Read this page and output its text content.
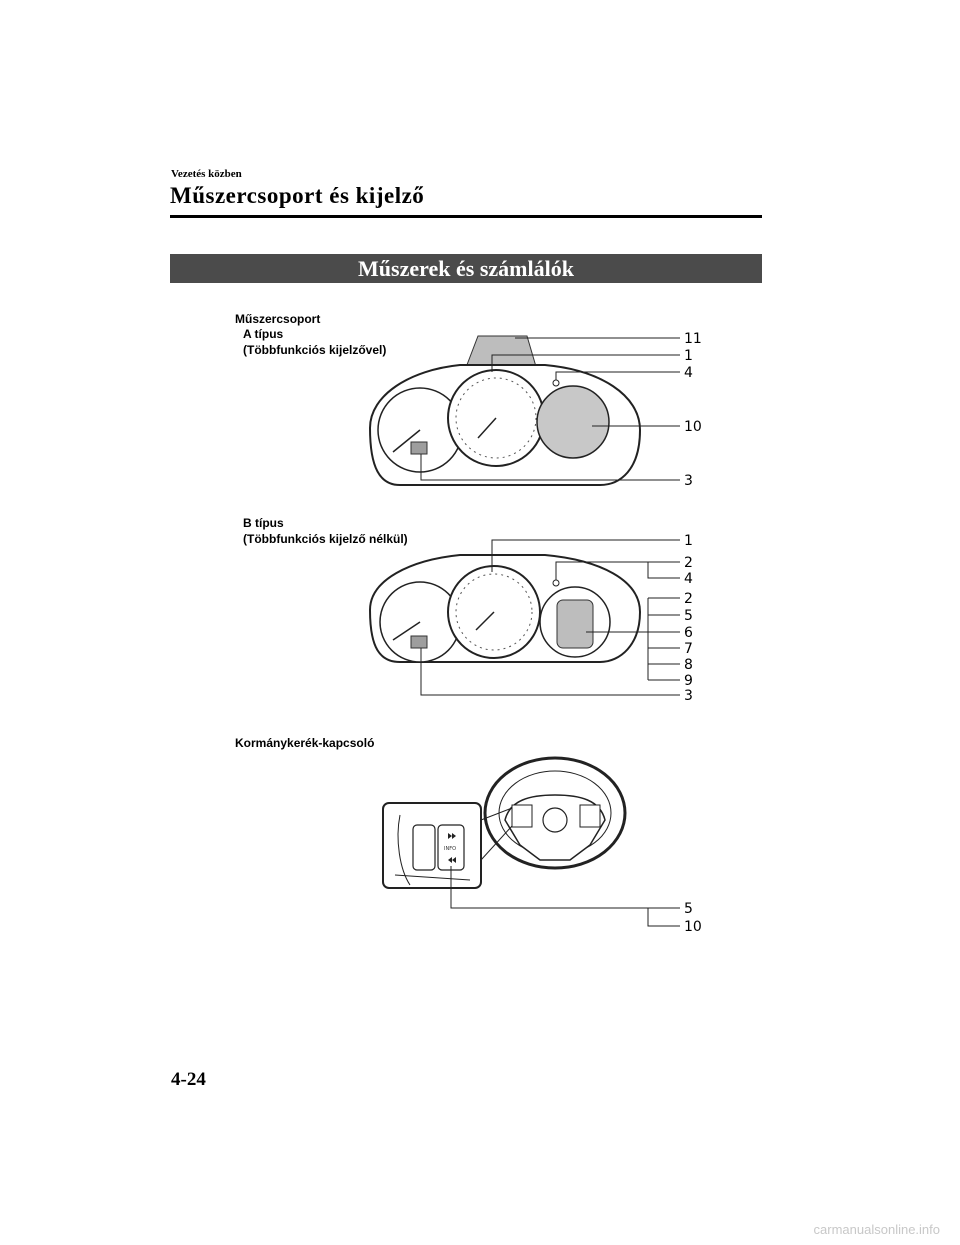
Vezetés közben
Műszercsoport és kijelző
Műszerek és számlálók
Műszercsoport
A típus
(Többfunkciós kijelzővel)
11
1
4
10
3
B típus
(Többfunkciós kijelző nélkül)	1
2
4
2
5
6
7
8
9
3
Kormánykerék-kapcsoló
INFO
5
10
4-24
carmanualsonline.info
